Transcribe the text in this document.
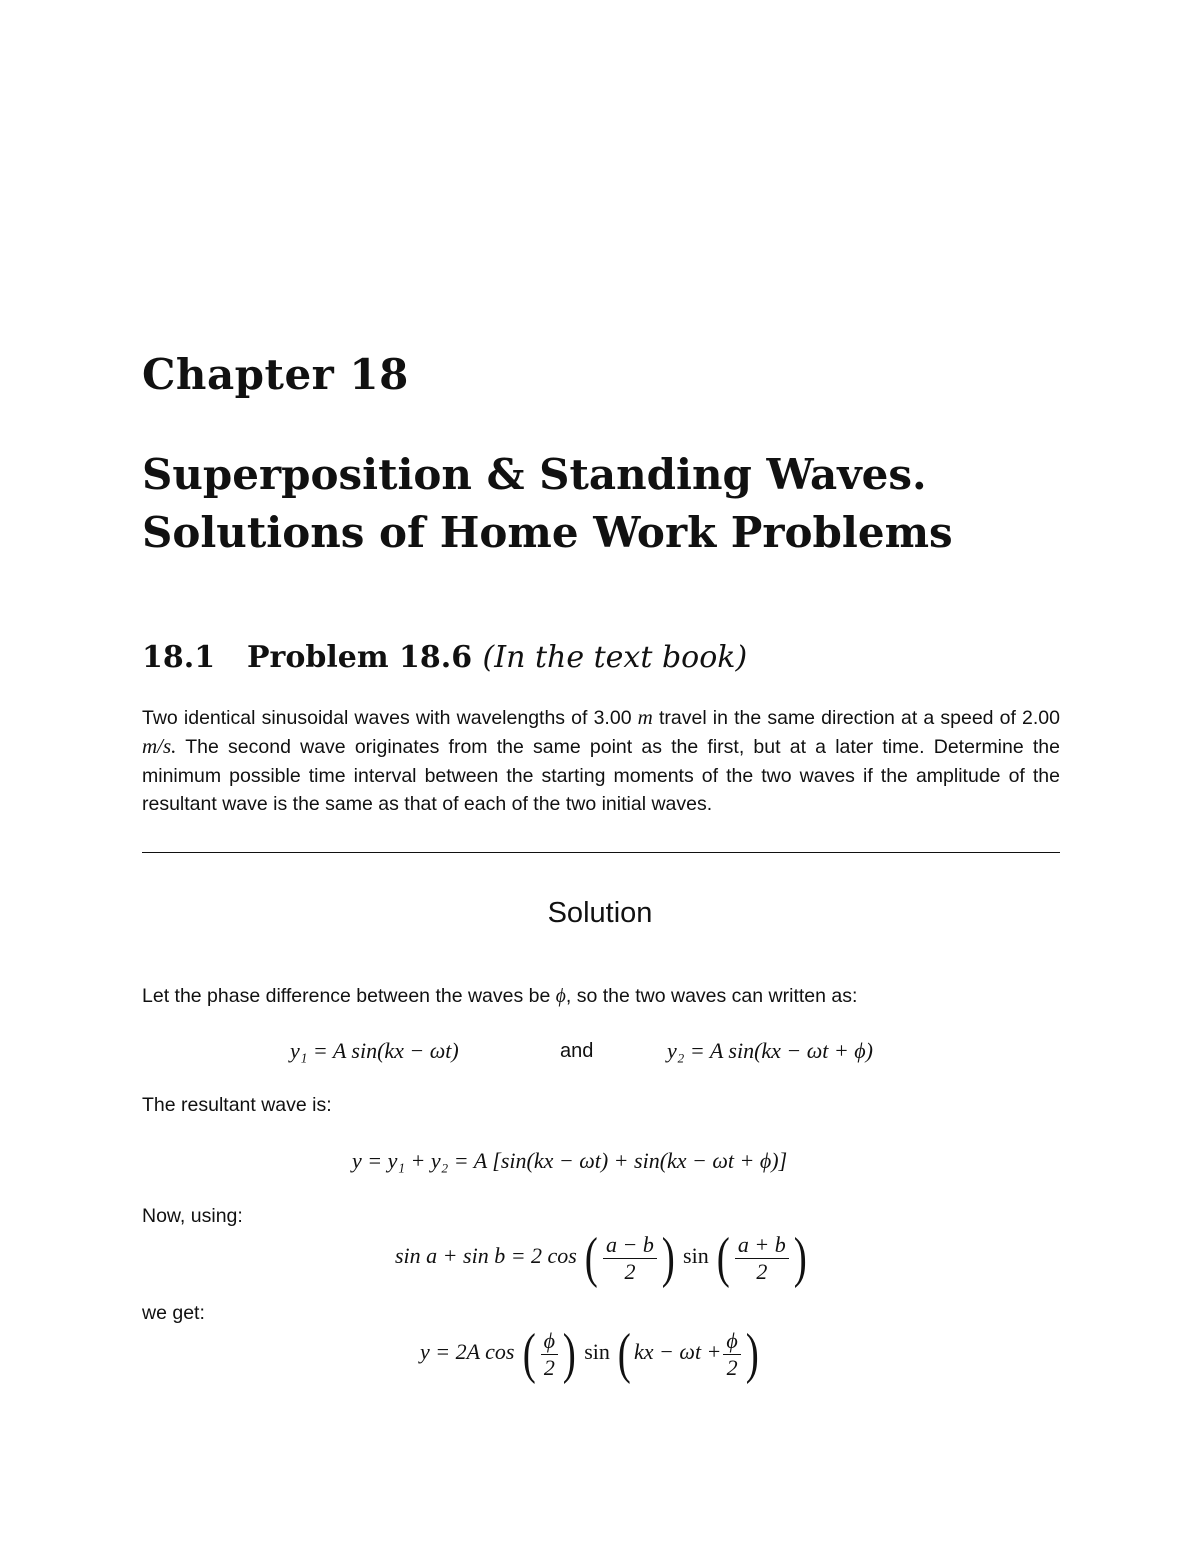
Chapter 18
Superposition & Standing Waves.
Solutions of Home Work Problems
18.1 Problem 18.6 (In the text book)
Two identical sinusoidal waves with wavelengths of 3.00 m travel in the same direction at a speed of 2.00 m/s. The second wave originates from the same point as the first, but at a later time. Determine the minimum possible time interval between the starting moments of the two waves if the amplitude of the resultant wave is the same as that of each of the two initial waves.
Solution
Let the phase difference between the waves be ϕ, so the two waves can written as:
y₁ = A sin(kx − ωt)	and	y₂ = A sin(kx − ωt + ϕ)
The resultant wave is:
y = y₁ + y₂ = A [sin(kx − ωt) + sin(kx − ωt + ϕ)]
Now, using:
sin a + sin b = 2 cos ( $\frac{a - b}{2}$ ) sin ( $\frac{a + b}{2}$ )
we get:
y = 2A cos ( $\frac{\phi}{2}$ ) sin ( kx − $\omega t + \frac{\phi}{2}$ )
